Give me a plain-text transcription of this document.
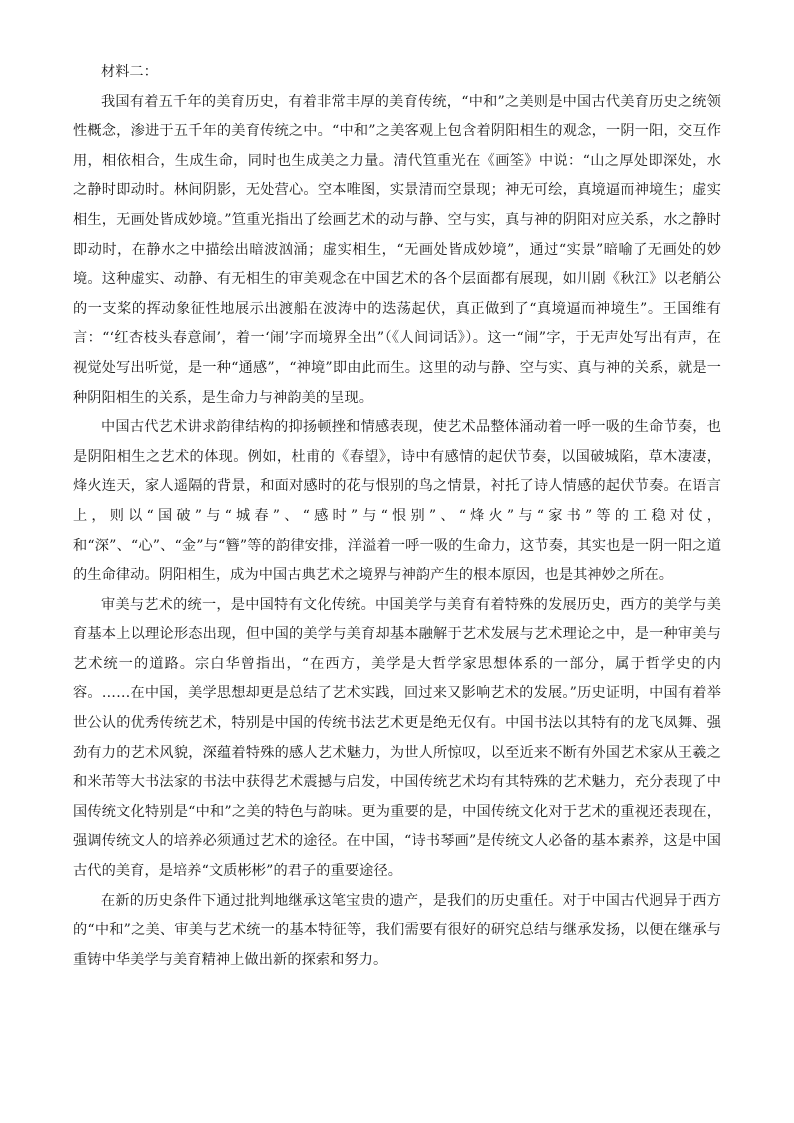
材料二：

我国有着五千年的美育历史，有着非常丰厚的美育传统，“中和”之美则是中国古代美育历史之统领性概念，渗进于五千年的美育传统之中。“中和”之美客观上包含着阴阳相生的观念，一阴一阳，交互作用，相依相合，生成生命，同时也生成美之力量。清代笪重光在《画筌》中说：“山之厚处即深处，水之静时即动时。林间阴影，无处营心。空本唯图，实景清而空景现；神无可绘，真境逼而神境生；虚实相生，无画处皆成妙境。”笪重光指出了绘画艺术的动与静、空与实，真与神的阴阳对应关系，水之静时即动时，在静水之中描绘出暗波汹涌；虚实相生，“无画处皆成妙境”，通过“实景”暗喻了无画处的妙境。这种虚实、动静、有无相生的审美观念在中国艺术的各个层面都有展现，如川剧《秋江》以老艄公的一支桨的挥动象征性地展示出渡船在波涛中的迭荡起伏，真正做到了“真境逼而神境生”。王国维有言：“‘红杏枝头春意闹’，着一‘闹’字而境界全出”（《人间词话》）。这一“闹”字，于无声处写出有声，在视觉处写出听觉，是一种“通感”，“神境”即由此而生。这里的动与静、空与实、真与神的关系，就是一种阴阳相生的关系，是生命力与神韵美的呈现。

中国古代艺术讲求韵律结构的抑扬顿挫和情感表现，使艺术品整体涌动着一呼一吸的生命节奏，也是阴阳相生之艺术的体现。例如，杜甫的《春望》，诗中有感情的起伏节奏，以国破城陷，草木凄凄，烽火连天，家人遥隔的背景，和面对感时的花与恨别的鸟之情景，衬托了诗人情感的起伏节奏。在语言上，则以“国破”与“城春”、“感时”与“恨别”、“烽火”与“家书”等的工稳对仗，和“深”、“心”、“金”与“簪”等的韵律安排，洋溢着一呼一吸的生命力，这节奏，其实也是一阴一阳之道的生命律动。阴阳相生，成为中国古典艺术之境界与神韵产生的根本原因，也是其神妙之所在。

审美与艺术的统一，是中国特有文化传统。中国美学与美育有着特殊的发展历史，西方的美学与美育基本上以理论形态出现，但中国的美学与美育却基本融解于艺术发展与艺术理论之中，是一种审美与艺术统一的道路。宗白华曾指出，“在西方，美学是大哲学家思想体系的一部分，属于哲学史的内容。……在中国，美学思想却更是总结了艺术实践，回过来又影响艺术的发展。”历史证明，中国有着举世公认的优秀传统艺术，特别是中国的传统书法艺术更是绝无仅有。中国书法以其特有的龙飞凤舞、强劲有力的艺术风貌，深蕴着特殊的感人艺术魅力，为世人所惊叹，以至近来不断有外国艺术家从王羲之和米芾等大书法家的书法中获得艺术震撼与启发，中国传统艺术均有其特殊的艺术魅力，充分表现了中国传统文化特别是“中和”之美的特色与韵味。更为重要的是，中国传统文化对于艺术的重视还表现在，强调传统文人的培养必须通过艺术的途径。在中国，“诗书琴画”是传统文人必备的基本素养，这是中国古代的美育，是培养“文质彬彬”的君子的重要途径。

在新的历史条件下通过批判地继承这笔宝贵的遗产，是我们的历史重任。对于中国古代迥异于西方的“中和”之美、审美与艺术统一的基本特征等，我们需要有很好的研究总结与继承发扬，以便在继承与重铸中华美学与美育精神上做出新的探索和努力。
